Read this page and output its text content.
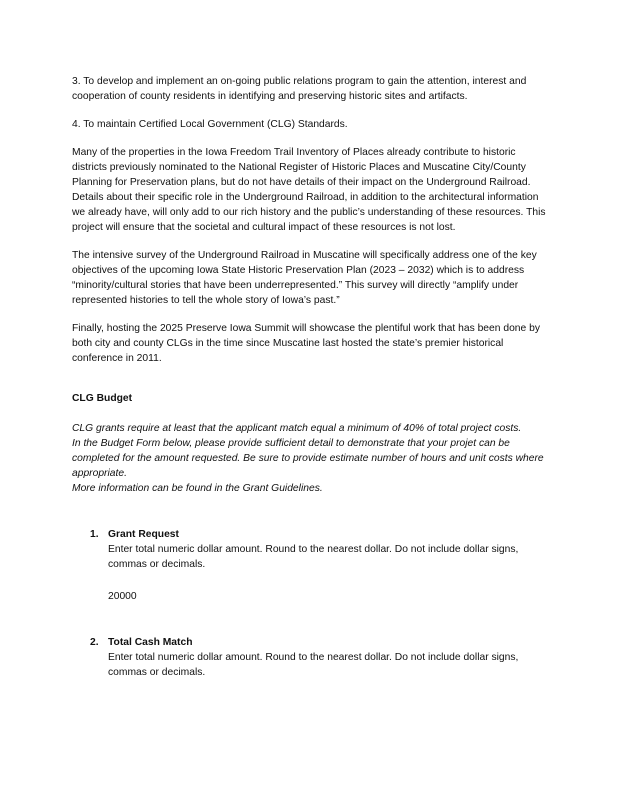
3. To develop and implement an on-going public relations program to gain the attention, interest and cooperation of county residents in identifying and preserving historic sites and artifacts.

4. To maintain Certified Local Government (CLG) Standards.

Many of the properties in the Iowa Freedom Trail Inventory of Places already contribute to historic districts previously nominated to the National Register of Historic Places and Muscatine City/County Planning for Preservation plans, but do not have details of their impact on the Underground Railroad. Details about their specific role in the Underground Railroad, in addition to the architectural information we already have, will only add to our rich history and the public’s understanding of these resources. This project will ensure that the societal and cultural impact of these resources is not lost.

The intensive survey of the Underground Railroad in Muscatine will specifically address one of the key objectives of the upcoming Iowa State Historic Preservation Plan (2023 – 2032) which is to address “minority/cultural stories that have been underrepresented.” This survey will directly “amplify under represented histories to tell the whole story of Iowa’s past.”

Finally, hosting the 2025 Preserve Iowa Summit will showcase the plentiful work that has been done by both city and county CLGs in the time since Muscatine last hosted the state’s premier historical conference in 2011.

CLG Budget

CLG grants require at least that the applicant match equal a minimum of 40% of total project costs.

In the Budget Form below, please provide sufficient detail to demonstrate that your projet can be completed for the amount requested. Be sure to provide estimate number of hours and unit costs where appropriate.

More information can be found in the Grant Guidelines.

1. Grant Request
Enter total numeric dollar amount. Round to the nearest dollar. Do not include dollar signs, commas or decimals.
20000
2. Total Cash Match
Enter total numeric dollar amount. Round to the nearest dollar. Do not include dollar signs, commas or decimals.
